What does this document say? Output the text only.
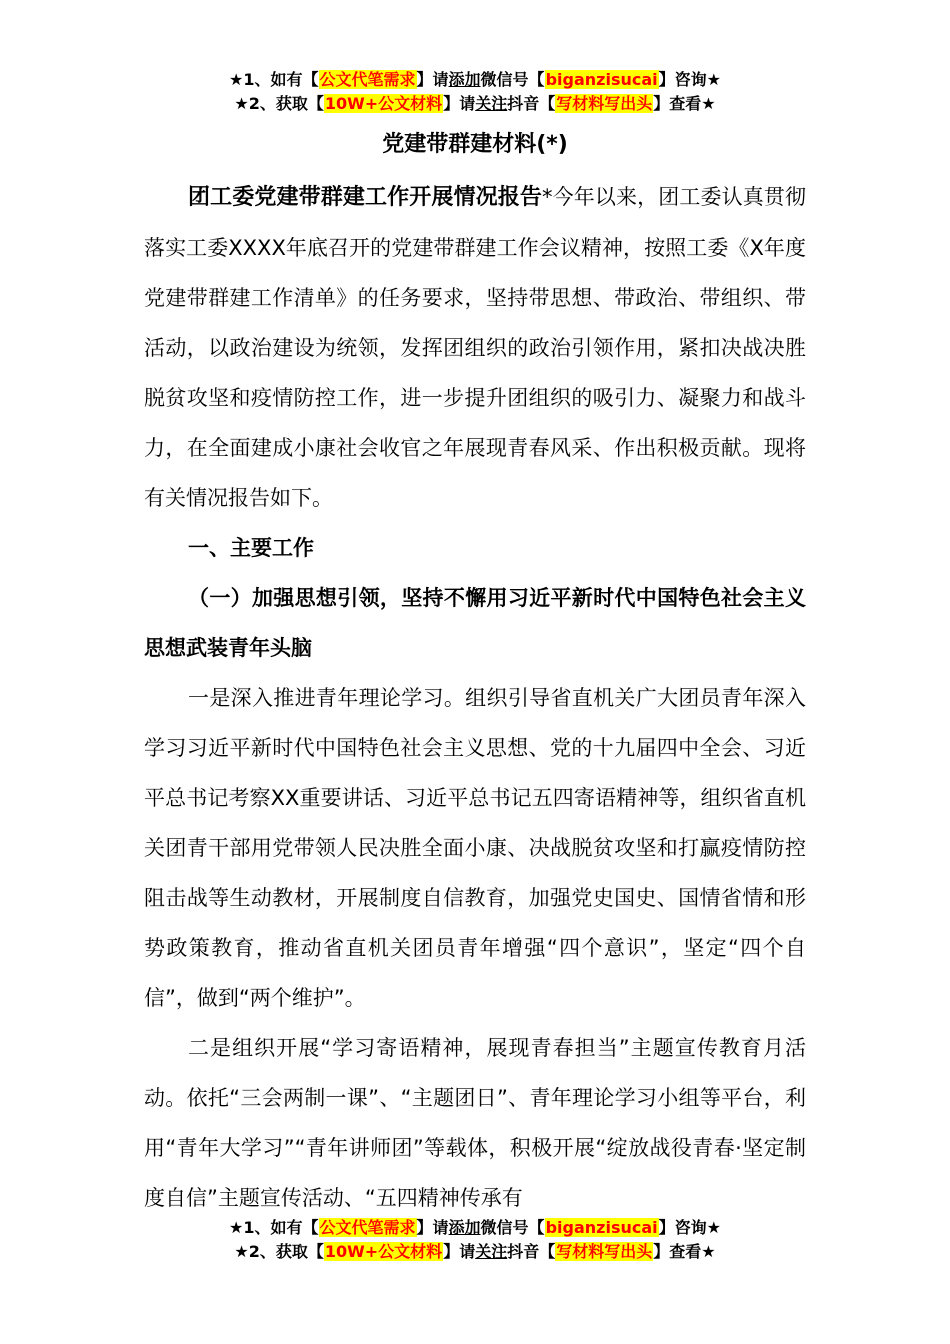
★1、如有【公文代笔需求】请添加微信号【biganzisucai】咨询★
★2、获取【10W+公文材料】请关注抖音【写材料写出头】查看★
党建带群建材料(*)

团工委党建带群建工作开展情况报告*今年以来，团工委认真贯彻落实工委XXXX年底召开的党建带群建工作会议精神，按照工委《X年度党建带群建工作清单》的任务要求，坚持带思想、带政治、带组织、带活动，以政治建设为统领，发挥团组织的政治引领作用，紧扣决战决胜脱贫攻坚和疫情防控工作，进一步提升团组织的吸引力、凝聚力和战斗力，在全面建成小康社会收官之年展现青春风采、作出积极贡献。现将有关情况报告如下。

一、主要工作

（一）加强思想引领，坚持不懈用习近平新时代中国特色社会主义思想武装青年头脑

一是深入推进青年理论学习。组织引导省直机关广大团员青年深入学习习近平新时代中国特色社会主义思想、党的十九届四中全会、习近平总书记考察XX重要讲话、习近平总书记五四寄语精神等，组织省直机关团青干部用党带领人民决胜全面小康、决战脱贫攻坚和打赢疫情防控阻击战等生动教材，开展制度自信教育，加强党史国史、国情省情和形势政策教育，推动省直机关团员青年增强“四个意识”，坚定“四个自信”，做到“两个维护”。

二是组织开展“学习寄语精神，展现青春担当”主题宣传教育月活动。依托“三会两制一课”、“主题团日”、青年理论学习小组等平台，利用“青年大学习”“青年讲师团”等载体，积极开展“绽放战役青春·坚定制度自信”主题宣传活动、“五四精神传承有

★1、如有【公文代笔需求】请添加微信号【biganzisucai】咨询★
★2、获取【10W+公文材料】请关注抖音【写材料写出头】查看★
